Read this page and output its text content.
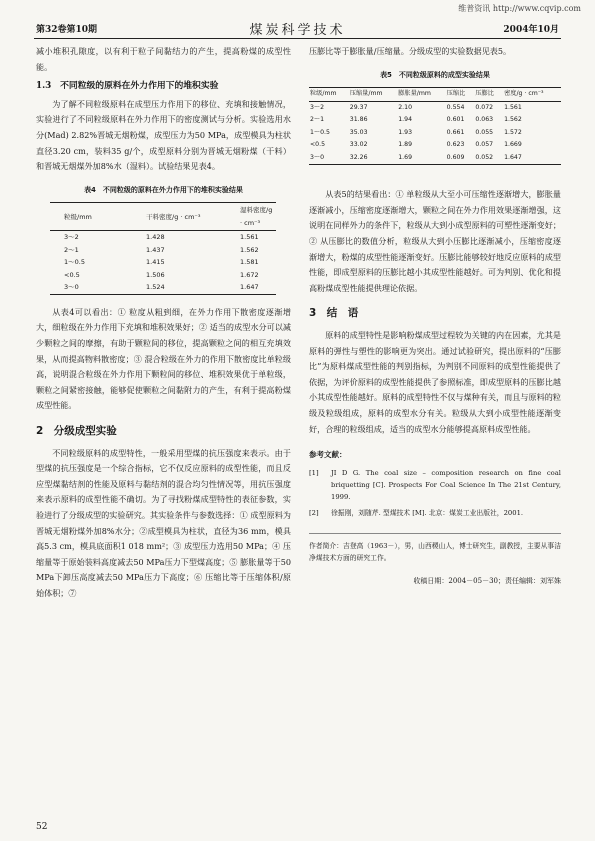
维普资讯 http://www.cqvip.com
第32卷第10期	煤炭科学技术	2004年10月

减小堆积孔隙度，以有利于粒子间黏结力的产生，提高粉煤的成型性能。

1.3　不同粒级的原料在外力作用下的堆积实验

为了解不同粒级原料在成型压力作用下的移位、充填和接触情况，实验进行了不同粒级原料在外力作用下的密度测试与分析。实验选用水分(Mad) 2.82%晋城无烟粉煤，成型压力为50 MPa，成型模具为柱状直径3.20 cm，装料35 g/个，成型原料分别为晋城无烟粉煤（干料）和晋城无烟煤外加8%水（湿料）。试验结果见表4。

表4　不同粒级的原料在外力作用下的堆积实验结果
粒级/mm	干料密度/g · cm⁻³	湿料密度/g · cm⁻³
3～2	1.428	1.561
2～1	1.437	1.562
1～0.5	1.415	1.581
<0.5	1.506	1.672
3～0	1.524	1.647

从表4可以看出：① 粒度从粗到细，在外力作用下散密度逐渐增大，细粒级在外力作用下充填和堆积效果好；② 适当的成型水分可以减少颗粒之间的摩擦，有助于颗粒间的移位，提高颗粒之间的相互充填效果，从而提高物料散密度；③ 混合粒级在外力的作用下散密度比单粒级高，说明混合粒级在外力作用下颗粒间的移位、堆积效果优于单粒级，颗粒之间紧密接触，能够促使颗粒之间黏附力的产生，有利于提高粉煤成型性能。

2　分级成型实验

不同粒级原料的成型特性，一般采用型煤的抗压强度来表示。由于型煤的抗压强度是一个综合指标，它不仅反应原料的成型性能，而且反应型煤黏结剂的性能及原料与黏结剂的混合均匀性情况等，用抗压强度来表示原料的成型性能不确切。为了寻找粉煤成型特性的表征参数，实验进行了分级成型的实验研究。其实验条件与参数选择：① 成型原料为晋城无烟粉煤外加8%水分；②成型模具为柱状，直径为36 mm，模具高5.3 cm，模具底面积1 018 mm²；③ 成型压力选用50 MPa；④ 压缩量等于原始装料高度减去50 MPa压力下型煤高度；⑤ 膨胀量等于50 MPa下卸压高度减去50 MPa压力下高度；⑥ 压缩比等于压缩体积/原始体积；⑦

压膨比等于膨胀量/压缩量。分级成型的实验数据见表5。

表5　不同粒级原料的成型实验结果
粒级/mm	压缩量/mm	膨胀量/mm	压缩比	压膨比	密度/g · cm⁻³
3～2	29.37	2.10	0.554	0.072	1.561
2～1	31.86	1.94	0.601	0.063	1.562
1～0.5	35.03	1.93	0.661	0.055	1.572
<0.5	33.02	1.89	0.623	0.057	1.669
3～0	32.26	1.69	0.609	0.052	1.647

从表5的结果看出：① 单粒级从大至小可压缩性逐渐增大，膨胀量逐渐减小，压缩密度逐渐增大，颗粒之间在外力作用效果逐渐增强，这说明在同样外力的条件下，粒级从大到小成型原料的可塑性逐渐变好；② 从压膨比的数值分析，粒级从大到小压膨比逐渐减小，压缩密度逐渐增大，粉煤的成型性能逐渐变好。压膨比能够较好地反应原料的成型性能，即成型原料的压膨比越小其成型性能越好。可为判别、优化和提高粉煤成型性能提供理论依据。

3　结　语

原料的成型特性是影响粉煤成型过程较为关键的内在因素，尤其是原料的弹性与塑性的影响更为突出。通过试验研究，提出原料的“压膨比”为原料煤成型性能的判别指标，为判别不同原料的成型性能提供了依据，为评价原料的成型性能提供了参照标准，即成型原料的压膨比越小其成型性能越好。原料的成型特性不仅与煤种有关，而且与原料的粒级及粒级组成，原料的成型水分有关。粒级从大到小成型性能逐渐变好，合理的粒级组成，适当的成型水分能够提高原料成型性能。

参考文献：
[1]	JI D G. The coal size – composition research on fine coal briquetting [C]. Prospects For Coal Science In The 21st Century, 1999.
[2]	徐振刚，刘随芹. 型煤技术 [M]. 北京：煤炭工业出版社，2001.
作者简介：吉登高（1963－），男，山西稷山人，博士研究生，副教授，主要从事洁净煤技术方面的研究工作。
收稿日期：2004－05－30；责任编辑：刘军姝
52
